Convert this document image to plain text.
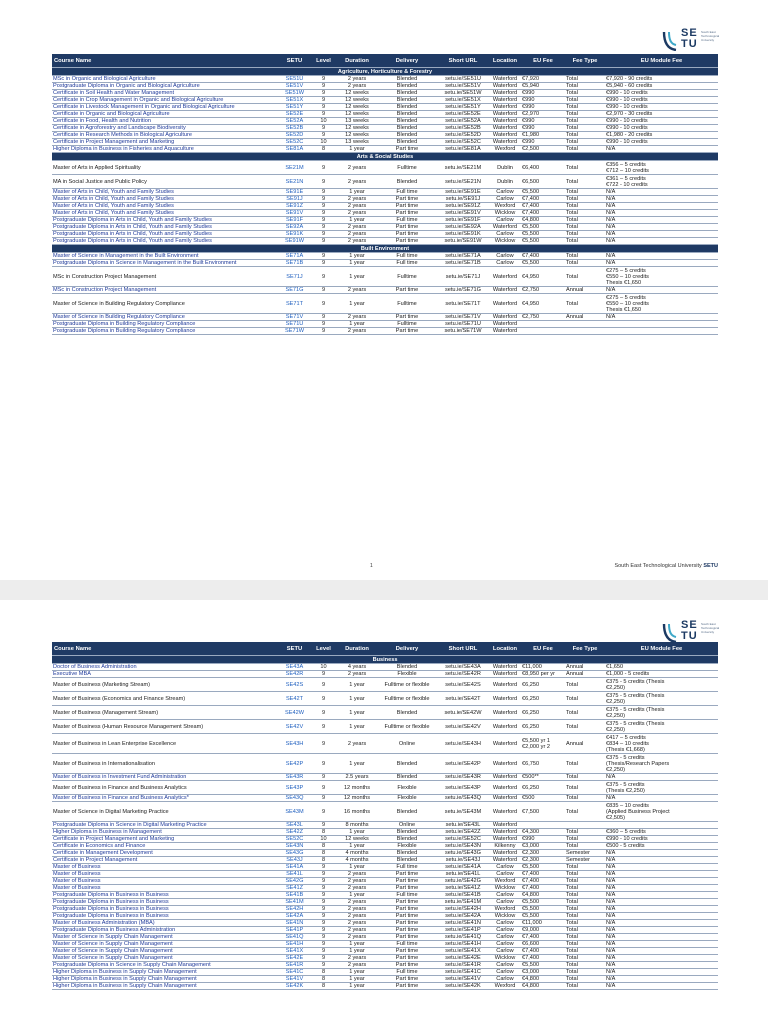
SE
TU
South East Technological University
Course Name	SETU	Level	Duration	Delivery	Short URL	Location	EU Fee	Fee Type	EU Module Fee
Agriculture, Horticulture & Forestry									
MSc in Organic and Biological Agriculture	SE51U	9	2 years	Blended	setu.ie/SE51U	Waterford	€7,920	Total	€7,920 - 90 credits
Postgraduate Diploma in Organic and Biological Agriculture	SE51V	9	2 years	Blended	setu.ie/SE51V	Waterford	€5,940	Total	€5,940 - 60 credits
Certificate in Soil Health and Water Management	SE51W	9	12 weeks	Blended	setu.ie/SE51W	Waterford	€990	Total	€990 - 10 credits
Certificate in Crop Management in Organic and Biological Agriculture	SE51X	9	12 weeks	Blended	setu.ie/SE51X	Waterford	€990	Total	€990 - 10 credits
Certificate in Livestock Management in Organic and Biological Agriculture	SE51Y	9	12 weeks	Blended	setu.ie/SE51Y	Waterford	€990	Total	€990 - 10 credits
Certificate in Organic and Biological Agriculture	SE52E	9	12 weeks	Blended	setu.ie/SE52E	Waterford	€2,970	Total	€2,970 - 30 credits
Certificate in Food, Health and Nutrition	SE52A	10	13 weeks	Blended	setu.ie/SE52A	Waterford	€990	Total	€990 - 10 credits
Certificate in Agroforestry and Landscape Biodiversity	SE52B	9	12 weeks	Blended	setu.ie/SE52B	Waterford	€990	Total	€990 - 10 credits
Certificate in Research Methods in Biological Agriculture	SE52D	9	12 weeks	Blended	setu.ie/SE52D	Waterford	€1,980	Total	€1,980 - 20 credits
Certificate in Project Management and Marketing	SE52C	10	13 weeks	Blended	setu.ie/SE52C	Waterford	€990	Total	€990 - 10 credits
Higher Diploma in Business in Fisheries and Aquaculture	SE81A	8	1 year	Part time	setu.ie/SE81A	Wexford	€2,500	Total	N/A
Arts & Social Studies									
Master of Arts in Applied Spirituality	SE21M	9	2 years	Fulltime	setu.ie/SE21M	Dublin	€6,400	Total	€356 – 5 credits
€712 – 10 credits
MA in Social Justice and Public Policy	SE21N	9	2 years	Blended	setu.ie/SE21N	Dublin	€6,500	Total	€361 – 5 credits
€722 - 10 credits
Master of Arts in Child, Youth and Family Studies	SE91E	9	1 year	Full time	setu.ie/SE91E	Carlow	€5,500	Total	N/A
Master of Arts in Child, Youth and Family Studies	SE91J	9	2 years	Part time	setu.ie/SE91J	Carlow	€7,400	Total	N/A
Master of Arts in Child, Youth and Family Studies	SE91Z	9	2 years	Part time	setu.ie/SE91Z	Wexford	€7,400	Total	N/A
Master of Arts in Child, Youth and Family Studies	SE91V	9	2 years	Part time	setu.ie/SE91V	Wicklow	€7,400	Total	N/A
Postgraduate Diploma in Arts in Child, Youth and Family Studies	SE91F	9	1 year	Full time	setu.ie/SE91F	Carlow	€4,800	Total	N/A
Postgraduate Diploma in Arts in Child, Youth and Family Studies	SE92A	9	2 years	Part time	setu.ie/SE92A	Waterford	€5,500	Total	N/A
Postgraduate Diploma in Arts in Child, Youth and Family Studies	SE91K	9	2 years	Part time	setu.ie/SE91K	Carlow	€5,500	Total	N/A
Postgraduate Diploma in Arts in Child, Youth and Family Studies	SE91W	9	2 years	Part time	setu.ie/SE91W	Wicklow	€5,500	Total	N/A
Built Environment									
Master of Science in Management in the Built Environment	SE71A	9	1 year	Full time	setu.ie/SE71A	Carlow	€7,400	Total	N/A
Postgraduate Diploma in Science in Management in the Built Environment	SE71B	9	1 year	Full time	setu.ie/SE71B	Carlow	€5,500	Total	N/A
MSc in Construction Project Management	SE71J	9	1 year	Fulltime	setu.ie/SE71J	Waterford	€4,950	Total	€275 – 5 credits
€550 – 10 credits
Thesis €1,650
MSc in Construction Project Management	SE71G	9	2 years	Part time	setu.ie/SE71G	Waterford	€2,750	Annual	N/A
Master of Science in Building Regulatory Compliance	SE71T	9	1 year	Fulltime	setu.ie/SE71T	Waterford	€4,950	Total	€275 – 5 credits
€550 – 10 credits
Thesis €1,650
Master of Science in Building Regulatory Compliance	SE71V	9	2 years	Part time	setu.ie/SE71V	Waterford	€2,750	Annual	N/A
Postgraduate Diploma in Building Regulatory Compliance	SE71U	9	1 year	Fulltime	setu.ie/SE71U	Waterford			
Postgraduate Diploma in Building Regulatory Compliance	SE71W	9	2 years	Part time	setu.ie/SE71W	Waterford			
1	South East Technological University SETU
SE
TU
South East Technological University
Course Name	SETU	Level	Duration	Delivery	Short URL	Location	EU Fee	Fee Type	EU Module Fee
Business									
Doctor of Business Administration	SE43A	10	4 years	Blended	setu.ie/SE43A	Waterford	€11,000	Annual	€1,650
Executive MBA	SE42R	9	2 years	Flexible	setu.ie/SE42R	Waterford	€8,950 per yr	Annual	€1,000 - 5 credits
Master of Business (Marketing Stream)	SE42S	9	1 year	Fulltime or flexible	setu.ie/SE42S	Waterford	€6,250	Total	€375 - 5 credits (Thesis
€2,250)
Master of Business (Economics and Finance Stream)	SE42T	9	1 year	Fulltime or flexible	setu.ie/SE42T	Waterford	€6,250	Total	€375 - 5 credits (Thesis
€2,250)
Master of Business (Management Stream)	SE42W	9	1 year	Blended	setu.ie/SE42W	Waterford	€6,250	Total	€375 - 5 credits (Thesis
€2,250)
Master of Business (Human Resource Management Stream)	SE42V	9	1 year	Fulltime or flexible	setu.ie/SE42V	Waterford	€6,250	Total	€375 - 5 credits (Thesis
€2,250)
Master of Business in Lean Enterprise Excellence	SE43H	9	2 years	Online	setu.ie/SE43H	Waterford	€5,500 yr 1
€2,000 yr 2	Annual	€417 – 5 credits
€834 – 10 credits
(Thesis €1,668)
Master of Business in Internationalisation	SE42P	9	1 year	Blended	setu.ie/SE42P	Waterford	€6,750	Total	€375 - 5 credits
(Thesis/Research Papers
€2,250)
Master of Business in Investment Fund Administration	SE43R	9	2.5 years	Blended	setu.ie/SE43R	Waterford	€500**	Total	N/A
Master of Business in Finance and Business Analytics	SE43P	9	12 months	Flexible	setu.ie/SE43P	Waterford	€6,250	Total	€375 - 5 credits
(Thesis €2,250)
Master of Business in Finance and Business Analytics*	SE43Q	9	12 months	Flexible	setu.ie/SE43Q	Waterford	€500	Total	N/A
Master of Science in Digital Marketing Practice	SE43M	9	16 months	Blended	setu.ie/SE43M	Waterford	€7,500	Total	€835 – 10 credits
(Applied Business Project
€2,505)
Postgraduate Diploma in Science in Digital Marketing Practice	SE43L	9	8 months	Online	setu.ie/SE43L	Waterford			
Higher Diploma in Business in Management	SE42Z	8	1 year	Blended	setu.ie/SE42Z	Waterford	€4,300	Total	€360 – 5 credits
Certificate in Project Management and Marketing	SE52C	10	12 weeks	Blended	setu.ie/SE52C	Waterford	€990	Total	€990 - 10 credits
Certificate in Economics and Finance	SE43N	8	1 year	Flexible	setu.ie/SE43N	Kilkenny	€3,000	Total	€500 - 5 credits
Certificate in Management Development	SE43G	8	4 months	Blended	setu.ie/SE43G	Waterford	€2,300	Semester	N/A
Certificate in Project Management	SE43J	8	4 months	Blended	setu.ie/SE43J	Waterford	€2,300	Semester	N/A
Master of Business	SE41A	9	1 year	Full time	setu.ie/SE41A	Carlow	€5,500	Total	N/A
Master of Business	SE41L	9	2 years	Part time	setu.ie/SE41L	Carlow	€7,400	Total	N/A
Master of Business	SE42G	9	2 years	Part time	setu.ie/SE42G	Wexford	€7,400	Total	N/A
Master of Business	SE41Z	9	2 years	Part time	setu.ie/SE41Z	Wicklow	€7,400	Total	N/A
Postgraduate Diploma in Business in Business	SE41B	9	1 year	Full time	setu.ie/SE41B	Carlow	€4,800	Total	N/A
Postgraduate Diploma in Business in Business	SE41M	9	2 years	Part time	setu.ie/SE41M	Carlow	€5,500	Total	N/A
Postgraduate Diploma in Business in Business	SE42H	9	2 years	Part time	setu.ie/SE42H	Wexford	€5,500	Total	N/A
Postgraduate Diploma in Business in Business	SE42A	9	2 years	Part time	setu.ie/SE42A	Wicklow	€5,500	Total	N/A
Master of Business Administration (MBA)	SE41N	9	2 years	Part time	setu.ie/SE41N	Carlow	€11,000	Total	N/A
Postgraduate Diploma in Business Administration	SE41P	9	2 years	Part time	setu.ie/SE41P	Carlow	€9,000	Total	N/A
Master of Science in Supply Chain Management	SE41Q	9	2 years	Part time	setu.ie/SE41Q	Carlow	€7,400	Total	N/A
Master of Science in Supply Chain Management	SE41H	9	1 year	Full time	setu.ie/SE41H	Carlow	€6,600	Total	N/A
Master of Science in Supply Chain Management	SE41X	9	1 year	Part time	setu.ie/SE41X	Carlow	€7,400	Total	N/A
Master of Science in Supply Chain Management	SE42E	9	2 years	Part time	setu.ie/SE42E	Wicklow	€7,400	Total	N/A
Postgraduate Diploma in Science in Supply Chain Management	SE41R	9	2 years	Part time	setu.ie/SE41R	Carlow	€5,500	Total	N/A
Higher Diploma in Business in Supply Chain Management	SE41C	8	1 year	Full time	setu.ie/SE41C	Carlow	€3,000	Total	N/A
Higher Diploma in Business in Supply Chain Management	SE41V	8	1 year	Part time	setu.ie/SE41V	Carlow	€4,800	Total	N/A
Higher Diploma in Business in Supply Chain Management	SE42K	8	1 year	Part time	setu.ie/SE42K	Wexford	€4,800	Total	N/A
